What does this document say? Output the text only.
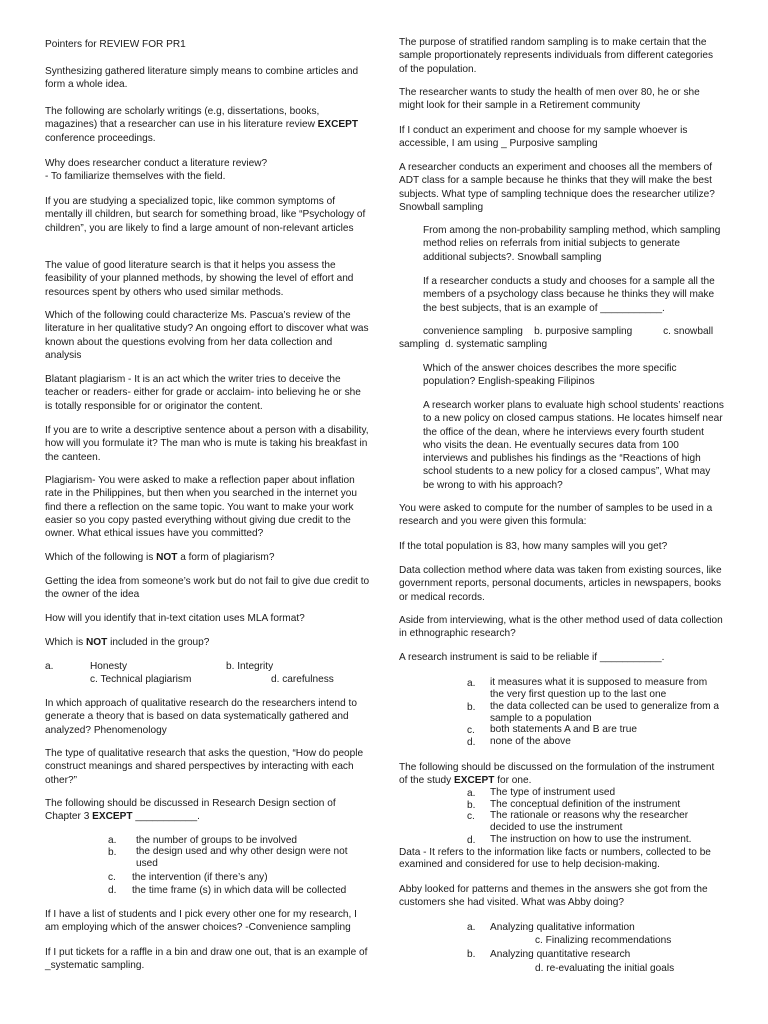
Pointers for REVIEW FOR PR1

Synthesizing gathered literature simply means to combine articles and form a whole idea.

The following are scholarly writings (e.g, dissertations, books, magazines) that a researcher can use in his literature review EXCEPT conference proceedings.

Why does researcher conduct a literature review?
- To familiarize themselves with the field.

If you are studying a specialized topic, like common symptoms of mentally ill children, but search for something broad, like “Psychology of children”, you are likely to find a large amount of non-relevant articles

The value of good literature search is that it helps you assess the feasibility of your planned methods, by showing the level of effort and resources spent by others who used similar methods.

Which of the following could characterize Ms. Pascua’s review of the literature in her qualitative study? An ongoing effort to discover what was known about the questions evolving from her data collection and analysis

Blatant plagiarism - It is an act which the writer tries to deceive the teacher or readers- either for grade or acclaim- into believing he or she is totally responsible for or originator the content.

If you are to write a descriptive sentence about a person with a disability, how will you formulate it? The man who is mute is taking his breakfast in the canteen.

Plagiarism- You were asked to make a reflection paper about inflation rate in the Philippines, but then when you searched in the internet you find there a reflection on the same topic. You want to make your work easier so you copy pasted everything without giving due credit to the owner. What ethical issues have you committed?

Which of the following is NOT a form of plagiarism?

Getting the idea from someone’s work but do not fail to give due credit to the owner of the idea

How will you identify that in-text citation uses MLA format?

Which is NOT included in the group?

a.	Honesty	b. Integrity
c. Technical plagiarism	d. carefulness

In which approach of qualitative research do the researchers intend to generate a theory that is based on data systematically gathered and analyzed? Phenomenology

The type of qualitative research that asks the question, “How do people construct meanings and shared perspectives by interacting with each other?”

The following should be discussed in Research Design section of Chapter 3 EXCEPT ___________.

a. the number of groups to be involved
b. the design used and why other design were not used
c. the intervention (if there’s any)
d. the time frame (s) in which data will be collected

If I have a list of students and I pick every other one for my research, I am employing which of the answer choices? -Convenience sampling

If I put tickets for a raffle in a bin and draw one out, that is an example of _systematic sampling.

The purpose of stratified random sampling is to make certain that the sample proportionately represents individuals from different categories of the population.

The researcher wants to study the health of men over 80, he or she might look for their sample in a Retirement community

If I conduct an experiment and choose for my sample whoever is accessible, I am using _ Purposive sampling

A researcher conducts an experiment and chooses all the members of ADT class for a sample because he thinks that they will make the best subjects. What type of sampling technique does the researcher utilize? Snowball sampling

From among the non-probability sampling method, which sampling method relies on referrals from initial subjects to generate additional subjects?. Snowball sampling

If a researcher conducts a study and chooses for a sample all the members of a psychology class because he thinks they will make the best subjects, that is an example of ___________.

convenience sampling    b. purposive sampling           c. snowball
sampling  d. systematic sampling

Which of the answer choices describes the more specific population? English-speaking Filipinos

A research worker plans to evaluate high school students’ reactions to a new policy on closed campus stations. He locates himself near the office of the dean, where he interviews every fourth student who visits the dean. He eventually secures data from 100 interviews and publishes his findings as the “Reactions of high school students to a new policy for a closed campus”, What may be wrong to with his approach?

You were asked to compute for the number of samples to be used in a research and you were given this formula:

If the total population is 83, how many samples will you get?

Data collection method where data was taken from existing sources, like government reports, personal documents, articles in newspapers, books or medical records.

Aside from interviewing, what is the other method used of data collection in ethnographic research?

A research instrument is said to be reliable if ___________.

a. it measures what it is supposed to measure from the very first question up to the last one
b. the data collected can be used to generalize from a sample to a population
c. both statements A and B are true
d. none of the above

The following should be discussed on the formulation of the instrument of the study EXCEPT for one.

a. The type of instrument used
b. The conceptual definition of the instrument
c. The rationale or reasons why the researcher decided to use the instrument
d. The instruction on how to use the instrument.

Data - It refers to the information like facts or numbers, collected to be examined and considered for use to help decision-making.

Abby looked for patterns and themes in the answers she got from the customers she had visited. What was Abby doing?

a. Analyzing qualitative information
c. Finalizing recommendations
b. Analyzing quantitative research
d. re-evaluating the initial goals
